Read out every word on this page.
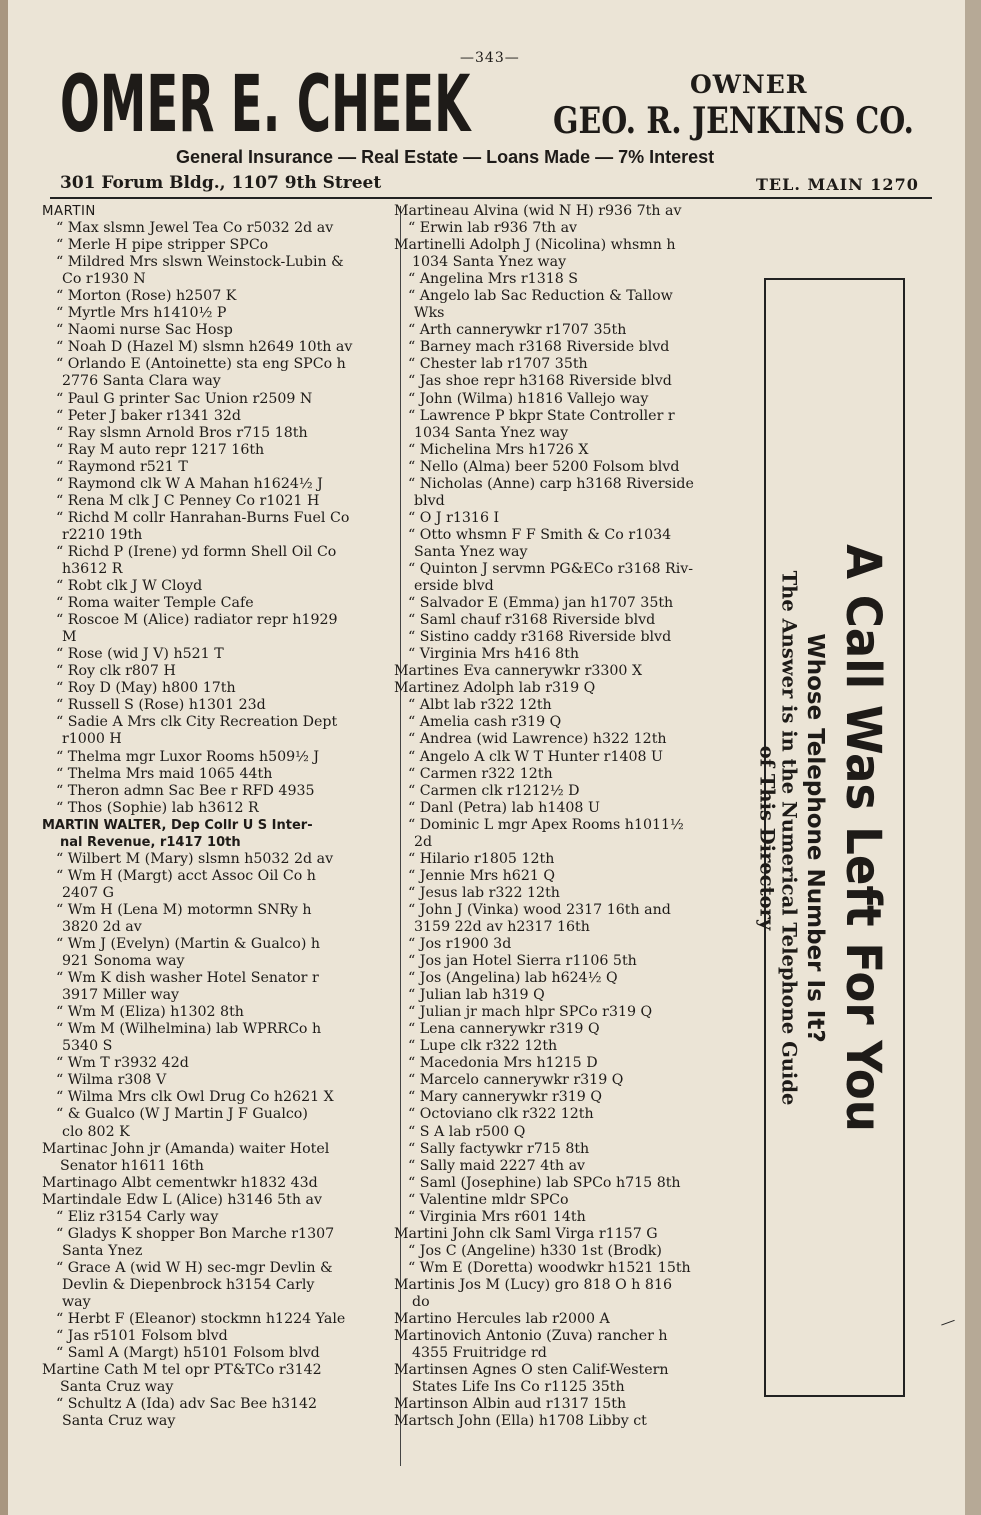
—343—
OMER E. CHEEK	OWNER
GEO. R. JENKINS CO.
General Insurance — Real Estate — Loans Made — 7% Interest
301 Forum Bldg., 1107 9th Street	TEL. MAIN 1270
MARTIN
“ Max slsmn Jewel Tea Co r5032 2d av
“ Merle H pipe stripper SPCo
“ Mildred Mrs slswn Weinstock-Lubin &
Co r1930 N
“ Morton (Rose) h2507 K
“ Myrtle Mrs h1410½ P
“ Naomi nurse Sac Hosp
“ Noah D (Hazel M) slsmn h2649 10th av
“ Orlando E (Antoinette) sta eng SPCo h
2776 Santa Clara way
“ Paul G printer Sac Union r2509 N
“ Peter J baker r1341 32d
“ Ray slsmn Arnold Bros r715 18th
“ Ray M auto repr 1217 16th
“ Raymond r521 T
“ Raymond clk W A Mahan h1624½ J
“ Rena M clk J C Penney Co r1021 H
“ Richd M collr Hanrahan-Burns Fuel Co
r2210 19th
“ Richd P (Irene) yd formn Shell Oil Co
h3612 R
“ Robt clk J W Cloyd
“ Roma waiter Temple Cafe
“ Roscoe M (Alice) radiator repr h1929
M
“ Rose (wid J V) h521 T
“ Roy clk r807 H
“ Roy D (May) h800 17th
“ Russell S (Rose) h1301 23d
“ Sadie A Mrs clk City Recreation Dept
r1000 H
“ Thelma mgr Luxor Rooms h509½ J
“ Thelma Mrs maid 1065 44th
“ Theron admn Sac Bee r RFD 4935
“ Thos (Sophie) lab h3612 R
MARTIN WALTER, Dep Collr U S Inter-
nal Revenue, r1417 10th
“ Wilbert M (Mary) slsmn h5032 2d av
“ Wm H (Margt) acct Assoc Oil Co h
2407 G
“ Wm H (Lena M) motormn SNRy h
3820 2d av
“ Wm J (Evelyn) (Martin & Gualco) h
921 Sonoma way
“ Wm K dish washer Hotel Senator r
3917 Miller way
“ Wm M (Eliza) h1302 8th
“ Wm M (Wilhelmina) lab WPRRCo h
5340 S
“ Wm T r3932 42d
“ Wilma r308 V
“ Wilma Mrs clk Owl Drug Co h2621 X
“ & Gualco (W J Martin J F Gualco)
clo 802 K
Martinac John jr (Amanda) waiter Hotel
Senator h1611 16th
Martinago Albt cementwkr h1832 43d
Martindale Edw L (Alice) h3146 5th av
“ Eliz r3154 Carly way
“ Gladys K shopper Bon Marche r1307
Santa Ynez
“ Grace A (wid W H) sec-mgr Devlin &
Devlin & Diepenbrock h3154 Carly
way
“ Herbt F (Eleanor) stockmn h1224 Yale
“ Jas r5101 Folsom blvd
“ Saml A (Margt) h5101 Folsom blvd
Martine Cath M tel opr PT&TCo r3142
Santa Cruz way
“ Schultz A (Ida) adv Sac Bee h3142
Santa Cruz way
Martineau Alvina (wid N H) r936 7th av
“ Erwin lab r936 7th av
Martinelli Adolph J (Nicolina) whsmn h
1034 Santa Ynez way
“ Angelina Mrs r1318 S
“ Angelo lab Sac Reduction & Tallow
Wks
“ Arth cannerywkr r1707 35th
“ Barney mach r3168 Riverside blvd
“ Chester lab r1707 35th
“ Jas shoe repr h3168 Riverside blvd
“ John (Wilma) h1816 Vallejo way
“ Lawrence P bkpr State Controller r
1034 Santa Ynez way
“ Michelina Mrs h1726 X
“ Nello (Alma) beer 5200 Folsom blvd
“ Nicholas (Anne) carp h3168 Riverside
blvd
“ O J r1316 I
“ Otto whsmn F F Smith & Co r1034
Santa Ynez way
“ Quinton J servmn PG&ECo r3168 Riv-
erside blvd
“ Salvador E (Emma) jan h1707 35th
“ Saml chauf r3168 Riverside blvd
“ Sistino caddy r3168 Riverside blvd
“ Virginia Mrs h416 8th
Martines Eva cannerywkr r3300 X
Martinez Adolph lab r319 Q
“ Albt lab r322 12th
“ Amelia cash r319 Q
“ Andrea (wid Lawrence) h322 12th
“ Angelo A clk W T Hunter r1408 U
“ Carmen r322 12th
“ Carmen clk r1212½ D
“ Danl (Petra) lab h1408 U
“ Dominic L mgr Apex Rooms h1011½
2d
“ Hilario r1805 12th
“ Jennie Mrs h621 Q
“ Jesus lab r322 12th
“ John J (Vinka) wood 2317 16th and
3159 22d av h2317 16th
“ Jos r1900 3d
“ Jos jan Hotel Sierra r1106 5th
“ Jos (Angelina) lab h624½ Q
“ Julian lab h319 Q
“ Julian jr mach hlpr SPCo r319 Q
“ Lena cannerywkr r319 Q
“ Lupe clk r322 12th
“ Macedonia Mrs h1215 D
“ Marcelo cannerywkr r319 Q
“ Mary cannerywkr r319 Q
“ Octoviano clk r322 12th
“ S A lab r500 Q
“ Sally factywkr r715 8th
“ Sally maid 2227 4th av
“ Saml (Josephine) lab SPCo h715 8th
“ Valentine mldr SPCo
“ Virginia Mrs r601 14th
Martini John clk Saml Virga r1157 G
“ Jos C (Angeline) h330 1st (Brodk)
“ Wm E (Doretta) woodwkr h1521 15th
Martinis Jos M (Lucy) gro 818 O h 816
do
Martino Hercules lab r2000 A
Martinovich Antonio (Zuva) rancher h
4355 Fruitridge rd
Martinsen Agnes O sten Calif-Western
States Life Ins Co r1125 35th
Martinson Albin aud r1317 15th
Martsch John (Ella) h1708 Libby ct
A Call Was Left For You
Whose Telephone Number Is It?
The Answer is in the Numerical Telephone Guide
of This Directory
